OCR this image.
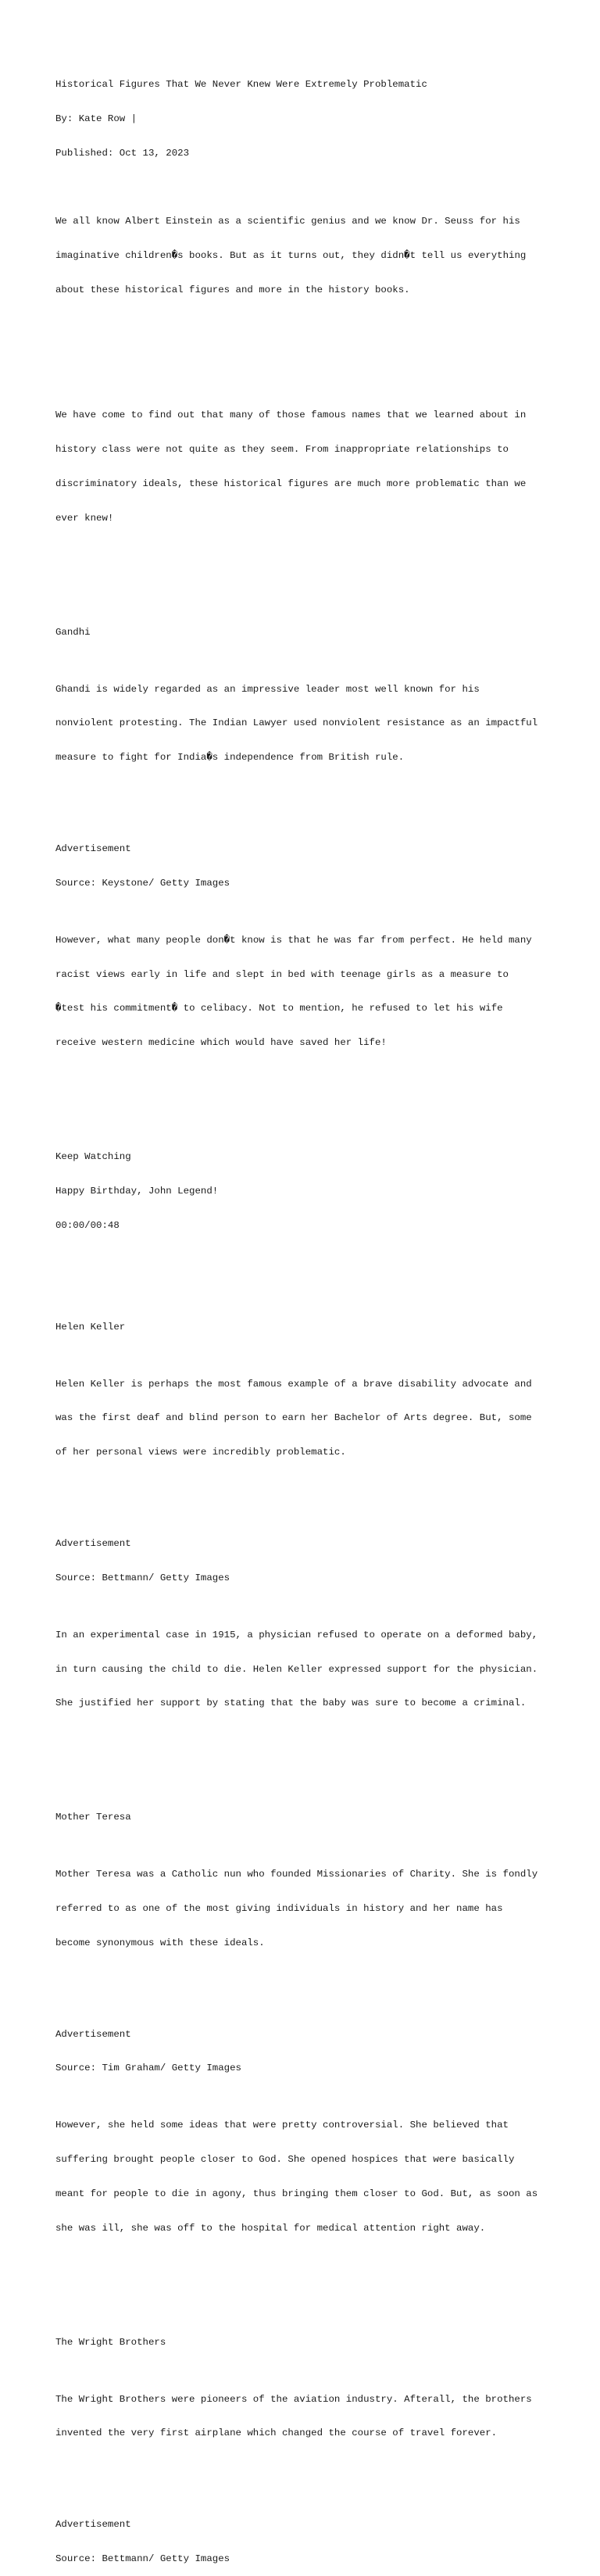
Historical Figures That We Never Knew Were Extremely Problematic

By: Kate Row |

Published: Oct 13, 2023

We all know Albert Einstein as a scientific genius and we know Dr. Seuss for his

imaginative children�s books. But as it turns out, they didn�t tell us everything

about these historical figures and more in the history books.

We have come to find out that many of those famous names that we learned about in

history class were not quite as they seem. From inappropriate relationships to

discriminatory ideals, these historical figures are much more problematic than we

ever knew!

Gandhi

Ghandi is widely regarded as an impressive leader most well known for his

nonviolent protesting. The Indian Lawyer used nonviolent resistance as an impactful

measure to fight for India�s independence from British rule.

Advertisement

Source: Keystone/ Getty Images

However, what many people don�t know is that he was far from perfect. He held many

racist views early in life and slept in bed with teenage girls as a measure to

�test his commitment� to celibacy. Not to mention, he refused to let his wife

receive western medicine which would have saved her life!

Keep Watching

Happy Birthday, John Legend!

00:00/00:48

Helen Keller

Helen Keller is perhaps the most famous example of a brave disability advocate and

was the first deaf and blind person to earn her Bachelor of Arts degree. But, some

of her personal views were incredibly problematic.

Advertisement

Source: Bettmann/ Getty Images

In an experimental case in 1915, a physician refused to operate on a deformed baby,

in turn causing the child to die. Helen Keller expressed support for the physician.

She justified her support by stating that the baby was sure to become a criminal.

Mother Teresa

Mother Teresa was a Catholic nun who founded Missionaries of Charity. She is fondly

referred to as one of the most giving individuals in history and her name has

become synonymous with these ideals.

Advertisement

Source: Tim Graham/ Getty Images

However, she held some ideas that were pretty controversial. She believed that

suffering brought people closer to God. She opened hospices that were basically

meant for people to die in agony, thus bringing them closer to God. But, as soon as

she was ill, she was off to the hospital for medical attention right away.

The Wright Brothers

The Wright Brothers were pioneers of the aviation industry. Afterall, the brothers

invented the very first airplane which changed the course of travel forever.

Advertisement

Source: Bettmann/ Getty Images
